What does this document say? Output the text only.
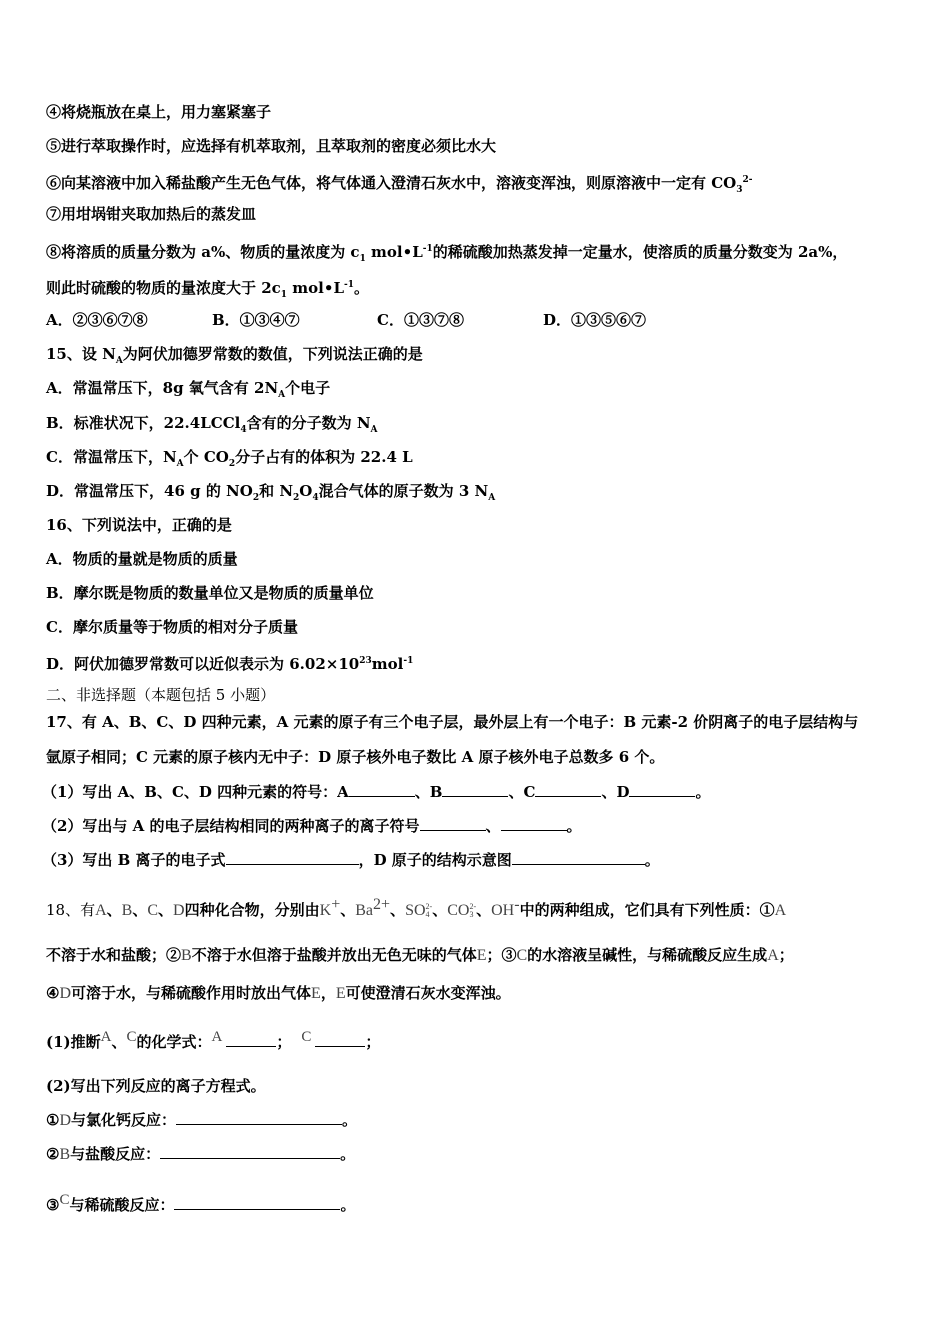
④将烧瓶放在桌上，用力塞紧塞子
⑤进行萃取操作时，应选择有机萃取剂，且萃取剂的密度必须比水大
⑥向某溶液中加入稀盐酸产生无色气体，将气体通入澄清石灰水中，溶液变浑浊，则原溶液中一定有 $CO_3^{2-}$
⑦用坩埚钳夹取加热后的蒸发皿
⑧将溶质的质量分数为 a%、物质的量浓度为 $c_1$ $mol•L^{-1}$的稀硫酸加热蒸发掉一定量水，使溶质的质量分数变为 2a%，
则此时硫酸的物质的量浓度大于 $2c_1$ $mol•L^{-1}$。
A．②③⑥⑦⑧	B．①③④⑦	C．①③⑦⑧	D．①③⑤⑥⑦
15、设 $N_A$为阿伏加德罗常数的数值，下列说法正确的是
A．常温常压下，8g 氧气含有 $2N_A$个电子
B．标准状况下，22.4LCCl$_4$含有的分子数为 $N_A$
C．常温常压下，$N_A$个 $CO_2$分子占有的体积为 22.4 L
D．常温常压下，46 g 的 $NO_2$和 $N_2O_4$混合气体的原子数为 3 $N_A$
16、下列说法中，正确的是
A．物质的量就是物质的质量
B．摩尔既是物质的数量单位又是物质的质量单位
C．摩尔质量等于物质的相对分子质量
D．阿伏加德罗常数可以近似表示为 $6.02\times 10^{23}mol^{-1}$
二、非选择题（本题包括 5 小题）
17、有 A、B、C、D 四种元素，A 元素的原子有三个电子层，最外层上有一个电子：B 元素-2 价阴离子的电子层结构与
氩原子相同；C 元素的原子核内无中子：D 原子核外电子数比 A 原子核外电子总数多 6 个。
（1）写出 A、B、C、D 四种元素的符号：A	、B	、C	、D	。
（2）写出与 A 的电子层结构相同的两种离子的离子符号	、	。
（3）写出 B 离子的电子式	，D 原子的结构示意图	。
18、有A、B、C、D四种化合物，分别由K+、$Ba^{2+}$、SO 2-
4 、CO 2-
3 、OH-中的两种组成，它们具有下列性质：①A
不溶于水和盐酸；②B不溶于水但溶于盐酸并放出无色无味的气体E；③C的水溶液呈碱性，与稀硫酸反应生成A；
④D可溶于水，与稀硫酸作用时放出气体E，E可使澄清石灰水变浑浊。
(1)推断$^A$、$^C$的化学式：$^A$	； $^C$	；
(2)写出下列反应的离子方程式。
①D与氯化钙反应：	。
②B与盐酸反应：	。
③$^C$与稀硫酸反应：	。
